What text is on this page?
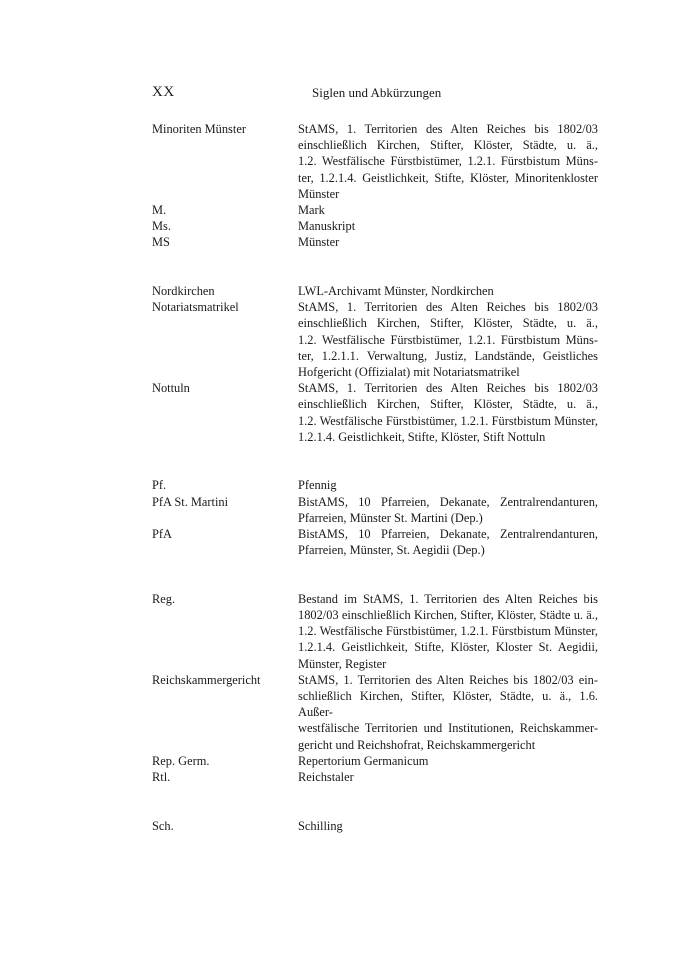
XX	Siglen und Abkürzungen
Minoriten Münster	StAMS, 1. Territorien des Alten Reiches bis 1802/03
einschließlich Kirchen, Stifter, Klöster, Städte, u. ä.,
1.2. Westfälische Fürstbistümer, 1.2.1. Fürstbistum Müns-
ter, 1.2.1.4. Geistlichkeit, Stifte, Klöster, Minoritenkloster
Münster
M.	Mark
Ms.	Manuskript
MS	Münster
Nordkirchen	LWL-Archivamt Münster, Nordkirchen
Notariatsmatrikel	StAMS, 1. Territorien des Alten Reiches bis 1802/03
einschließlich Kirchen, Stifter, Klöster, Städte, u. ä.,
1.2. Westfälische Fürstbistümer, 1.2.1. Fürstbistum Müns-
ter, 1.2.1.1. Verwaltung, Justiz, Landstände, Geistliches
Hofgericht (Offizialat) mit Notariatsmatrikel
Nottuln	StAMS, 1. Territorien des Alten Reiches bis 1802/03
einschließlich Kirchen, Stifter, Klöster, Städte, u. ä.,
1.2. Westfälische Fürstbistümer, 1.2.1. Fürstbistum Münster,
1.2.1.4. Geistlichkeit, Stifte, Klöster, Stift Nottuln
Pf.	Pfennig
PfA St. Martini	BistAMS, 10 Pfarreien, Dekanate, Zentralrendanturen,
Pfarreien, Münster St. Martini (Dep.)
PfA	BistAMS, 10 Pfarreien, Dekanate, Zentralrendanturen,
Pfarreien, Münster, St. Aegidii (Dep.)
Reg.	Bestand im StAMS, 1. Territorien des Alten Reiches bis
1802/03 einschließlich Kirchen, Stifter, Klöster, Städte u. ä.,
1.2. Westfälische Fürstbistümer, 1.2.1. Fürstbistum Münster,
1.2.1.4. Geistlichkeit, Stifte, Klöster, Kloster St. Aegidii,
Münster, Register
Reichskammergericht	StAMS, 1. Territorien des Alten Reiches bis 1802/03 ein-
schließlich Kirchen, Stifter, Klöster, Städte, u. ä., 1.6. Außer-
westfälische Territorien und Institutionen, Reichskammer-
gericht und Reichshofrat, Reichskammergericht
Rep. Germ.	Repertorium Germanicum
Rtl.	Reichstaler
Sch.	Schilling
